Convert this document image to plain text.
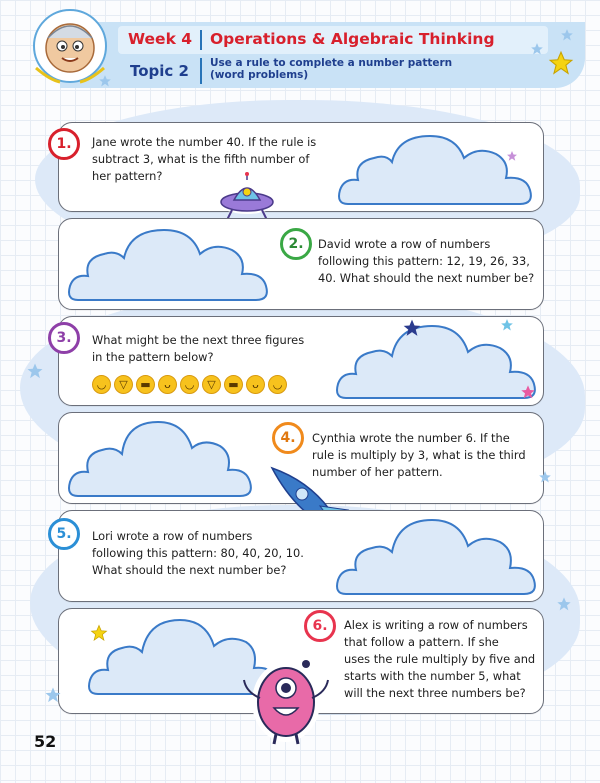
Week 4 Operations & Algebraic Thinking
Topic 2 Use a rule to complete a number pattern
(word problems)
1.	Jane wrote the number 40. If the rule is
subtract 3, what is the fifth number of
her pattern?
2.	David wrote a row of numbers
following this pattern: 12, 19, 26, 33,
40. What should the next number be?
3.	What might be the next three figures
in the pattern below?
◡	▽	▬	ᴗ	◡	▽	▬	ᴗ	◡
4.	Cynthia wrote the number 6. If the
rule is multiply by 3, what is the third
number of her pattern.
5.	Lori wrote a row of numbers
following this pattern: 80, 40, 20, 10.
What should the next number be?
6.	Alex is writing a row of numbers
that follow a pattern. If she
uses the rule multiply by five and
starts with the number 5, what
will the next three numbers be?
52
